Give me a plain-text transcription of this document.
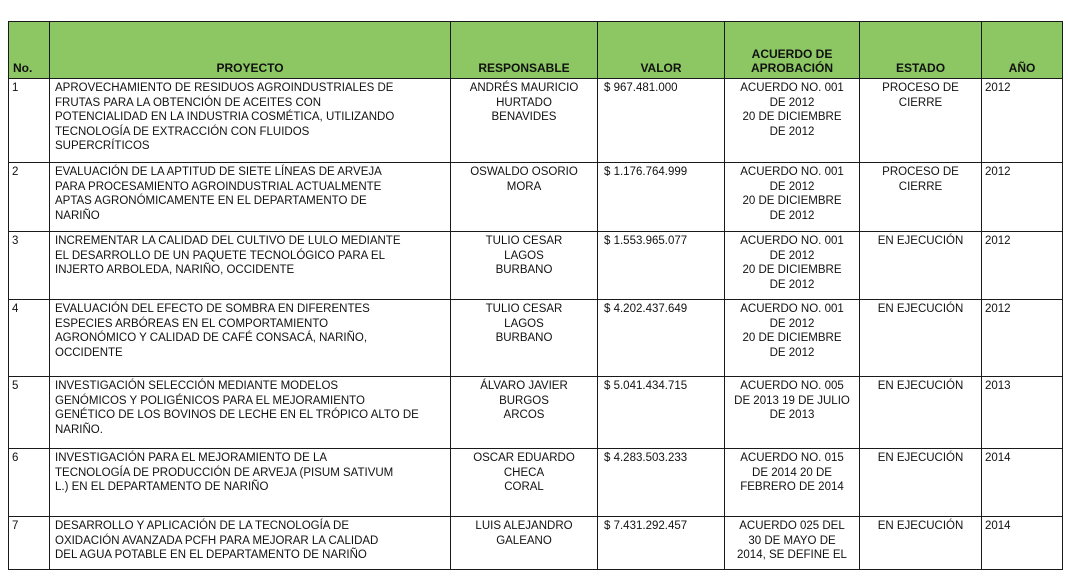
No.	PROYECTO	RESPONSABLE	VALOR	ACUERDO DE
APROBACIÓN	ESTADO	AÑO
1	APROVECHAMIENTO DE RESIDUOS AGROINDUSTRIALES DE
FRUTAS PARA LA OBTENCIÓN DE ACEITES CON
POTENCIALIDAD EN LA INDUSTRIA COSMÉTICA, UTILIZANDO
TECNOLOGÍA DE EXTRACCIÓN CON FLUIDOS
SUPERCRÍTICOS	ANDRÉS MAURICIO
HURTADO
BENAVIDES	$ 967.481.000	ACUERDO NO. 001
DE 2012
20 DE DICIEMBRE
DE 2012	PROCESO DE
CIERRE	2012
2	EVALUACIÓN DE LA APTITUD DE SIETE LÍNEAS DE ARVEJA
PARA PROCESAMIENTO AGROINDUSTRIAL ACTUALMENTE
APTAS AGRONÓMICAMENTE EN EL DEPARTAMENTO DE
NARIÑO	OSWALDO OSORIO
MORA	$ 1.176.764.999	ACUERDO NO. 001
DE 2012
20 DE DICIEMBRE
DE 2012	PROCESO DE
CIERRE	2012
3	INCREMENTAR LA CALIDAD DEL CULTIVO DE LULO MEDIANTE
EL DESARROLLO DE UN PAQUETE TECNOLÓGICO PARA EL
INJERTO ARBOLEDA, NARIÑO, OCCIDENTE	TULIO CESAR
LAGOS
BURBANO	$ 1.553.965.077	ACUERDO NO. 001
DE 2012
20 DE DICIEMBRE
DE 2012	EN EJECUCIÓN	2012
4	EVALUACIÓN DEL EFECTO DE SOMBRA EN DIFERENTES
ESPECIES ARBÓREAS EN EL COMPORTAMIENTO
AGRONÓMICO Y CALIDAD DE CAFÉ CONSACÁ, NARIÑO,
OCCIDENTE	TULIO CESAR
LAGOS
BURBANO	$ 4.202.437.649	ACUERDO NO. 001
DE 2012
20 DE DICIEMBRE
DE 2012	EN EJECUCIÓN	2012
5	INVESTIGACIÓN SELECCIÓN MEDIANTE MODELOS
GENÓMICOS Y POLIGÉNICOS PARA EL MEJORAMIENTO
GENÉTICO DE LOS BOVINOS DE LECHE EN EL TRÓPICO ALTO DE
NARIÑO.	ÁLVARO JAVIER
BURGOS
ARCOS	$ 5.041.434.715	ACUERDO NO. 005
DE 2013 19 DE JULIO
DE 2013	EN EJECUCIÓN	2013
6	INVESTIGACIÓN PARA EL MEJORAMIENTO DE LA
TECNOLOGÍA DE PRODUCCIÓN DE ARVEJA (PISUM SATIVUM
L.) EN EL DEPARTAMENTO DE NARIÑO	OSCAR EDUARDO
CHECA
CORAL	$ 4.283.503.233	ACUERDO NO. 015
DE 2014 20 DE
FEBRERO DE 2014	EN EJECUCIÓN	2014
7	DESARROLLO Y APLICACIÓN DE LA TECNOLOGÍA DE
OXIDACIÓN AVANZADA PCFH PARA MEJORAR LA CALIDAD
DEL AGUA POTABLE EN EL DEPARTAMENTO DE NARIÑO	LUIS ALEJANDRO
GALEANO	$ 7.431.292.457	ACUERDO 025 DEL
30 DE MAYO DE
2014, SE DEFINE EL	EN EJECUCIÓN	2014
